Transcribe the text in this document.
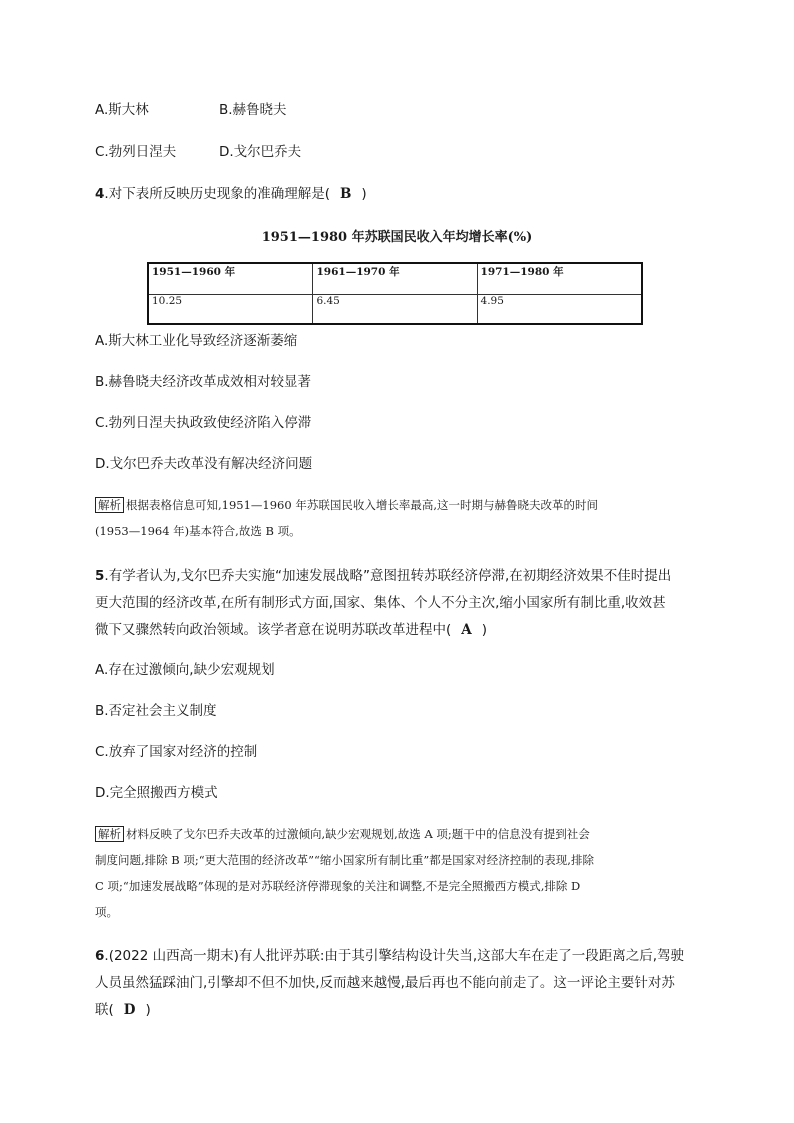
A.斯大林	B.赫鲁晓夫
C.勃列日涅夫	D.戈尔巴乔夫
4.对下表所反映历史现象的准确理解是( B )
1951—1980 年苏联国民收入年均增长率(%)
1951—1960 年	1961—1970 年	1971—1980 年
10.25	6.45	4.95
A.斯大林工业化导致经济逐渐萎缩
B.赫鲁晓夫经济改革成效相对较显著
C.勃列日涅夫执政致使经济陷入停滞
D.戈尔巴乔夫改革没有解决经济问题
解析 根据表格信息可知,1951—1960 年苏联国民收入增长率最高,这一时期与赫鲁晓夫改革的时间
(1953—1964 年)基本符合,故选 B 项。
5.有学者认为,戈尔巴乔夫实施“加速发展战略”意图扭转苏联经济停滞,在初期经济效果不佳时提出
更大范围的经济改革,在所有制形式方面,国家、集体、个人不分主次,缩小国家所有制比重,收效甚
微下又骤然转向政治领域。该学者意在说明苏联改革进程中( A )
A.存在过激倾向,缺少宏观规划
B.否定社会主义制度
C.放弃了国家对经济的控制
D.完全照搬西方模式
解析 材料反映了戈尔巴乔夫改革的过激倾向,缺少宏观规划,故选 A 项;题干中的信息没有提到社会
制度问题,排除 B 项;“更大范围的经济改革”“缩小国家所有制比重”都是国家对经济控制的表现,排除
C 项;“加速发展战略”体现的是对苏联经济停滞现象的关注和调整,不是完全照搬西方模式,排除 D
项。
6.(2022 山西高一期末)有人批评苏联:由于其引擎结构设计失当,这部大车在走了一段距离之后,驾驶
人员虽然猛踩油门,引擎却不但不加快,反而越来越慢,最后再也不能向前走了。这一评论主要针对苏
联( D )
